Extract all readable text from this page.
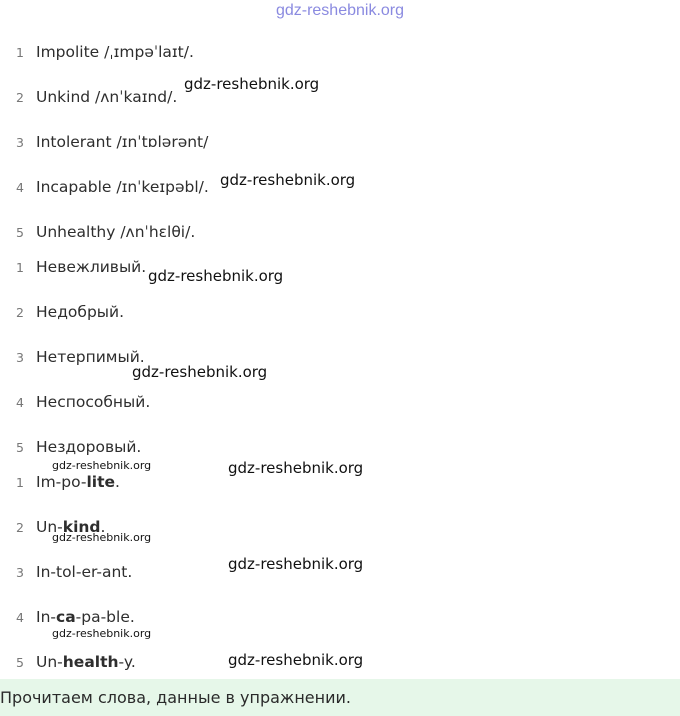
gdz-reshebnik.org
1 Impolite /ˌɪmpəˈlaɪt/.
2 Unkind /ʌnˈkaɪnd/.
3 Intolerant /ɪnˈtɒlərənt/
4 Incapable /ɪnˈkeɪpəbl/.
5 Unhealthy /ʌnˈhɛlθi/.
1 Невежливый.
2 Недобрый.
3 Нетерпимый.
4 Неспособный.
5 Нездоровый.
1 Im-po-lite.
2 Un-kind.
3 In-tol-er-ant.
4 In-ca-pa-ble.
5 Un-health-y.
gdz-reshebnik.org
gdz-reshebnik.org
gdz-reshebnik.org
gdz-reshebnik.org
gdz-reshebnik.org
gdz-reshebnik.org
gdz-reshebnik.org
gdz-reshebnik.org
gdz-reshebnik.org
gdz-reshebnik.org
Прочитаем слова, данные в упражнении.
